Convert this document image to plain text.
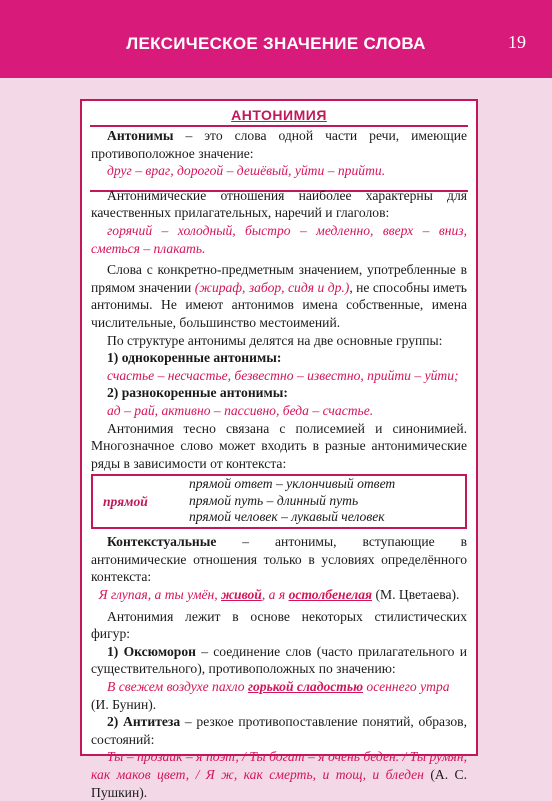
ЛЕКСИЧЕСКОЕ ЗНАЧЕНИЕ СЛОВА	19
АНТОНИМИЯ

Антонимы – это слова одной части речи, имеющие противоположное значение:

друг – враг, дорогой – дешёвый, уйти – прийти.

Антонимические отношения наиболее характерны для качественных прилагательных, наречий и глаголов:

горячий – холодный, быстро – медленно, вверх – вниз, сметься – плакать.

Слова с конкретно-предметным значением, употребленные в прямом значении (жираф, забор, сидя и др.), не способны иметь антонимы. Не имеют антонимов имена собственные, имена числительные, большинство местоимений.

По структуре антонимы делятся на две основные группы:

1) однокоренные антонимы:

счастье – несчастье, безвестно – известно, прийти – уйти;

2) разнокоренные антонимы:

ад – рай, активно – пассивно, беда – счастье.

Антонимия тесно связана с полисемией и синонимией. Многозначное слово может входить в разные антонимические ряды в зависимости от контекста:

прямой
прямой ответ – уклончивый ответ
прямой путь – длинный путь
прямой человек – лукавый человек

Контекстуальные – антонимы, вступающие в антонимические отношения только в условиях определённого контекста:

Я глупая, а ты умён, живой, а я остолбенелая (М. Цветаева).

Антонимия лежит в основе некоторых стилистических фигур:

1) Оксюморон – соединение слов (часто прилагательного и существительного), противоположных по значению:

В свежем воздухе пахло горькой сладостью осеннего утра

(И. Бунин).

2) Антитеза – резкое противопоставление понятий, образов, состояний:

Ты – прозаик – я поэт, / Ты богат – я очень беден. / Ты румян, как маков цвет, / Я ж, как смерть, и тощ, и бледен (А. С. Пушкин).
